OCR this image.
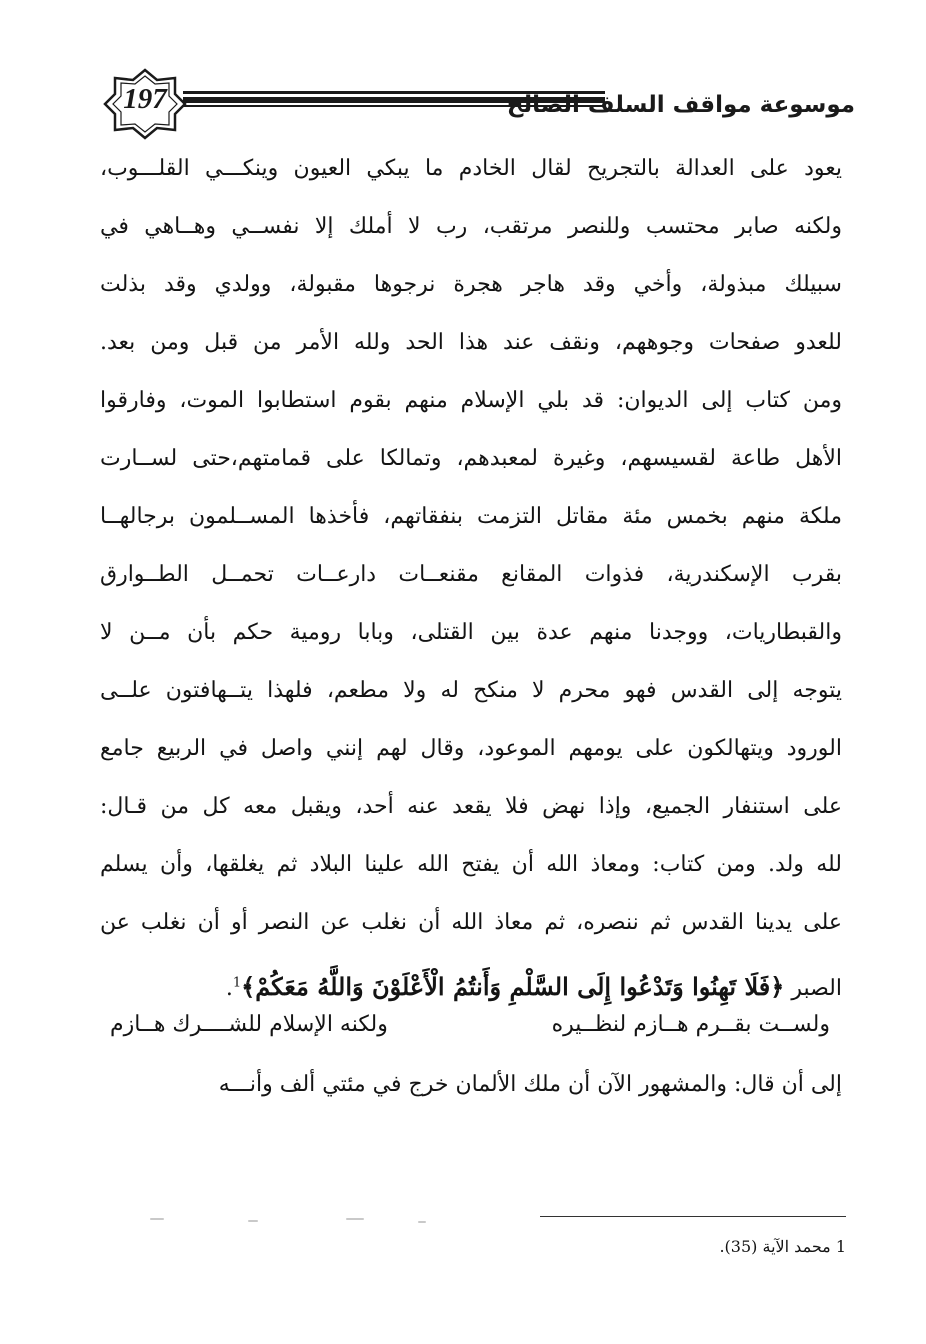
197	موسوعة مواقف السلف الصالح

يعود على العدالة بالتجريح لقال الخادم ما يبكي العيون وينكـــي القلـــوب،
ولكنه صابر محتسب وللنصر مرتقب، رب لا أملك إلا نفســي وهــاهي في
سبيلك مبذولة، وأخي وقد هاجر هجرة نرجوها مقبولة، وولدي وقد بذلت
للعدو صفحات وجوههم، ونقف عند هذا الحد ولله الأمر من قبل ومن بعد.
ومن كتاب إلى الديوان: قد بلي الإسلام منهم بقوم استطابوا الموت، وفارقوا
الأهل طاعة لقسيسهم، وغيرة لمعبدهم، وتمالكا على قمامتهم،حتى لســارت
ملكة منهم بخمس مئة مقاتل التزمت بنفقاتهم، فأخذها المســلمون برجالهــا
بقرب الإسكندرية، فذوات المقانع مقنعــات دارعــات تحمــل الطــوارق
والقبطاريات، ووجدنا منهم عدة بين القتلى، وبابا رومية حكم بأن مــن لا
يتوجه إلى القدس فهو محرم لا منكح له ولا مطعم، فلهذا يتــهافتون علــى
الورود ويتهالكون على يومهم الموعود، وقال لهم إنني واصل في الربيع جامع
على استنفار الجميع، وإذا نهض فلا يقعد عنه أحد، ويقبل معه كل من قـال:
لله ولد. ومن كتاب: ومعاذ الله أن يفتح الله علينا البلاد ثم يغلقها، وأن يسلم
على يدينا القدس ثم ننصره، ثم معاذ الله أن نغلب عن النصر أو أن نغلب عن
الصبر ﴿فَلَا تَهِنُوا وَتَدْعُوا إِلَى السَّلْمِ وَأَنتُمُ الْأَعْلَوْنَ وَاللَّهُ مَعَكُمْ﴾$^1$.

ولســت بقــرم هــازم لنظــيره
ولكنه الإسلام للشــــرك هــازم
إلى أن قال: والمشهور الآن أن ملك الألمان خرج في مئتي ألف وأنـــه
1 محمد الآية (35).
